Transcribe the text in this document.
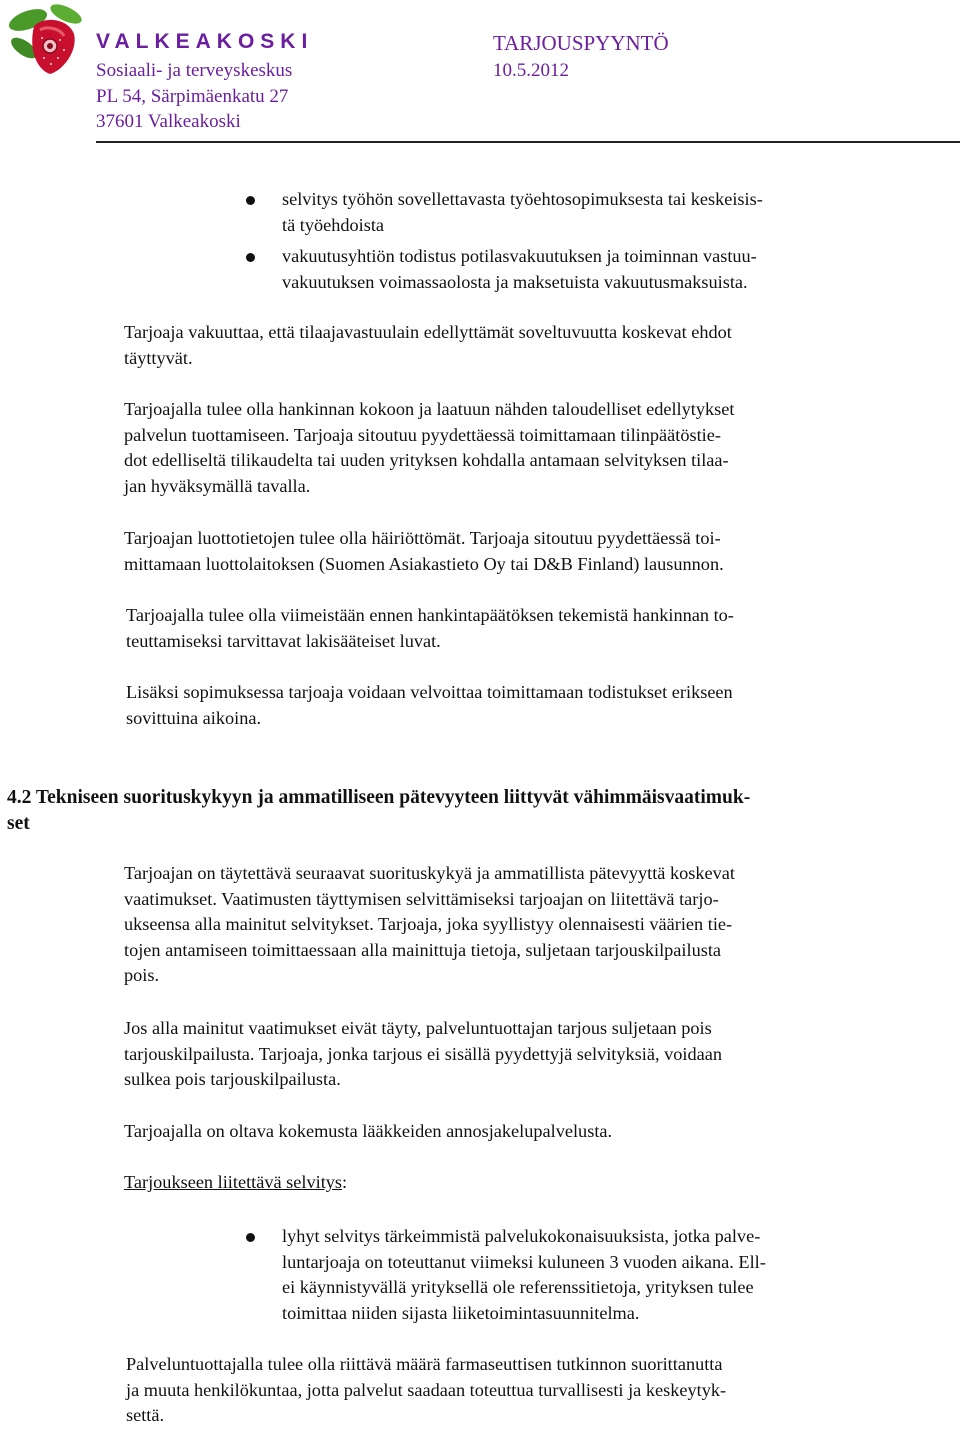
VALKEAKOSKI
Sosiaali- ja terveyskeskus
PL 54, Särpimäenkatu 27
37601 Valkeakoski
TARJOUSPYYNTÖ
10.5.2012
selvitys työhön sovellettavasta työehtosopimuksesta tai keskeisis-
tä työehdoista
vakuutusyhtiön todistus potilasvakuutuksen ja toiminnan vastuu-
vakuutuksen voimassaolosta ja maksetuista vakuutusmaksuista.
Tarjoaja vakuuttaa, että tilaajavastuulain edellyttämät soveltuvuutta koskevat ehdot
täyttyvät.
Tarjoajalla tulee olla hankinnan kokoon ja laatuun nähden taloudelliset edellytykset
palvelun tuottamiseen. Tarjoaja sitoutuu pyydettäessä toimittamaan tilinpäätöstie-
dot edelliseltä tilikaudelta tai uuden yrityksen kohdalla antamaan selvityksen tilaa-
jan hyväksymällä tavalla.
Tarjoajan luottotietojen tulee olla häiriöttömät. Tarjoaja sitoutuu pyydettäessä toi-
mittamaan luottolaitoksen (Suomen Asiakastieto Oy tai D&B Finland) lausunnon.
Tarjoajalla tulee olla viimeistään ennen hankintapäätöksen tekemistä hankinnan to-
teuttamiseksi tarvittavat lakisääteiset luvat.
Lisäksi sopimuksessa tarjoaja voidaan velvoittaa toimittamaan todistukset erikseen
sovittuina aikoina.
4.2 Tekniseen suorituskykyyn ja ammatilliseen pätevyyteen liittyvät vähimmäisvaatimuk-
set
Tarjoajan on täytettävä seuraavat suorituskykyä ja ammatillista pätevyyttä koskevat
vaatimukset. Vaatimusten täyttymisen selvittämiseksi tarjoajan on liitettävä tarjo-
ukseensa alla mainitut selvitykset. Tarjoaja, joka syyllistyy olennaisesti väärien tie-
tojen antamiseen toimittaessaan alla mainittuja tietoja, suljetaan tarjouskilpailusta
pois.
Jos alla mainitut vaatimukset eivät täyty, palveluntuottajan tarjous suljetaan pois
tarjouskilpailusta. Tarjoaja, jonka tarjous ei sisällä pyydettyjä selvityksiä, voidaan
sulkea pois tarjouskilpailusta.
Tarjoajalla on oltava kokemusta lääkkeiden annosjakelupalvelusta.
Tarjoukseen liitettävä selvitys:
lyhyt selvitys tärkeimmistä palvelukokonaisuuksista, jotka palve-
luntarjoaja on toteuttanut viimeksi kuluneen 3 vuoden aikana. Ell-
ei käynnistyvällä yrityksellä ole referenssitietoja, yrityksen tulee
toimittaa niiden sijasta liiketoimintasuunnitelma.
Palveluntuottajalla tulee olla riittävä määrä farmaseuttisen tutkinnon suorittanutta
ja muuta henkilökuntaa, jotta palvelut saadaan toteuttua turvallisesti ja keskeytyk-
settä.
